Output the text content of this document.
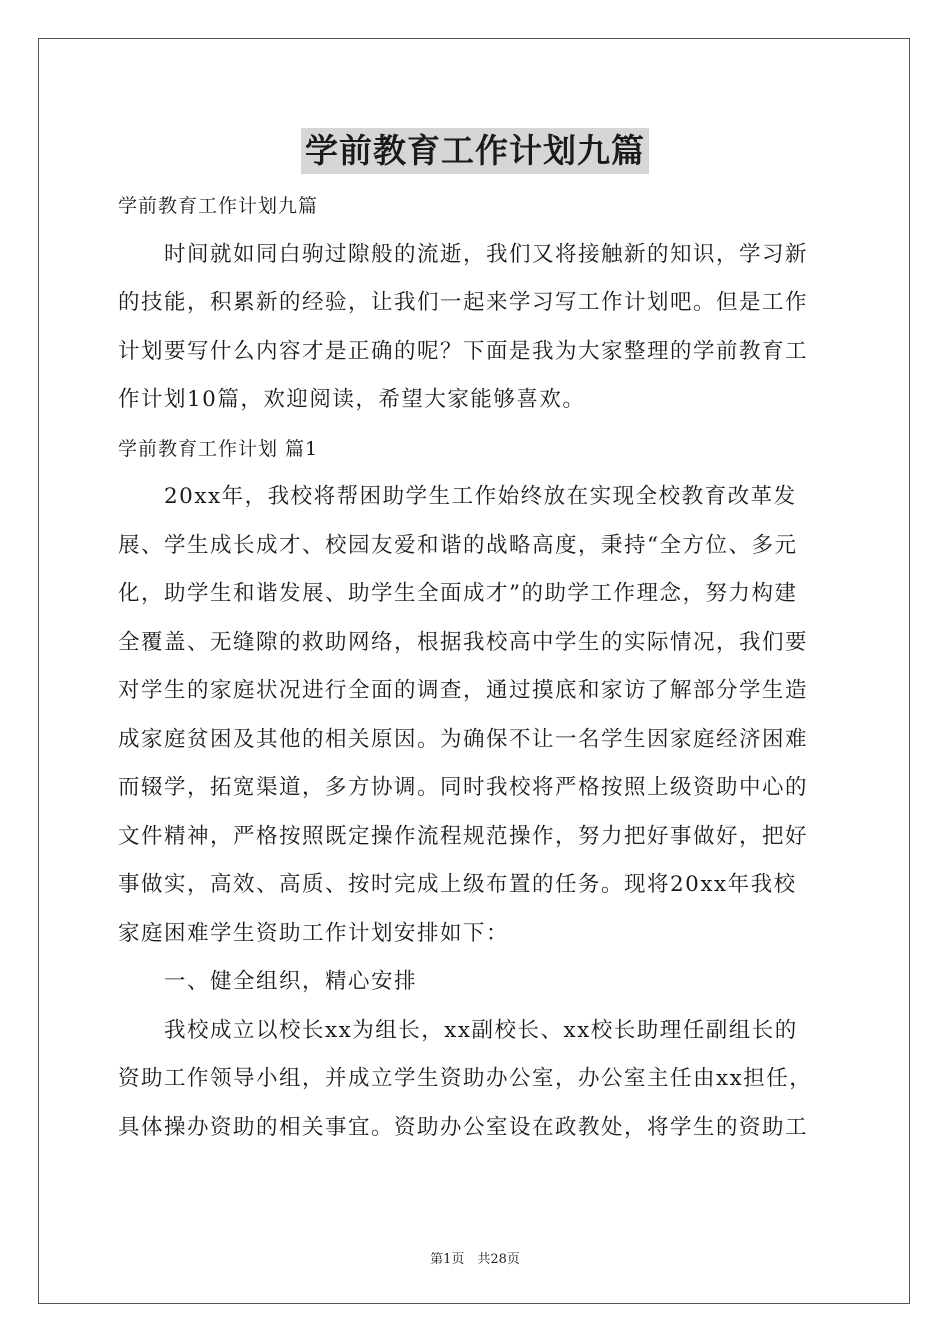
学前教育工作计划九篇
学前教育工作计划九篇
时间就如同白驹过隙般的流逝，我们又将接触新的知识，学习新
的技能，积累新的经验，让我们一起来学习写工作计划吧。但是工作
计划要写什么内容才是正确的呢？下面是我为大家整理的学前教育工
作计划10篇，欢迎阅读，希望大家能够喜欢。
学前教育工作计划 篇1
20xx年，我校将帮困助学生工作始终放在实现全校教育改革发
展、学生成长成才、校园友爱和谐的战略高度，秉持“全方位、多元
化，助学生和谐发展、助学生全面成才”的助学工作理念，努力构建
全覆盖、无缝隙的救助网络，根据我校高中学生的实际情况，我们要
对学生的家庭状况进行全面的调查，通过摸底和家访了解部分学生造
成家庭贫困及其他的相关原因。为确保不让一名学生因家庭经济困难
而辍学，拓宽渠道，多方协调。同时我校将严格按照上级资助中心的
文件精神，严格按照既定操作流程规范操作，努力把好事做好，把好
事做实，高效、高质、按时完成上级布置的任务。现将20xx年我校
家庭困难学生资助工作计划安排如下：
一、健全组织，精心安排
我校成立以校长xx为组长，xx副校长、xx校长助理任副组长的
资助工作领导小组，并成立学生资助办公室，办公室主任由xx担任，
具体操办资助的相关事宜。资助办公室设在政教处，将学生的资助工
第1页　共28页
